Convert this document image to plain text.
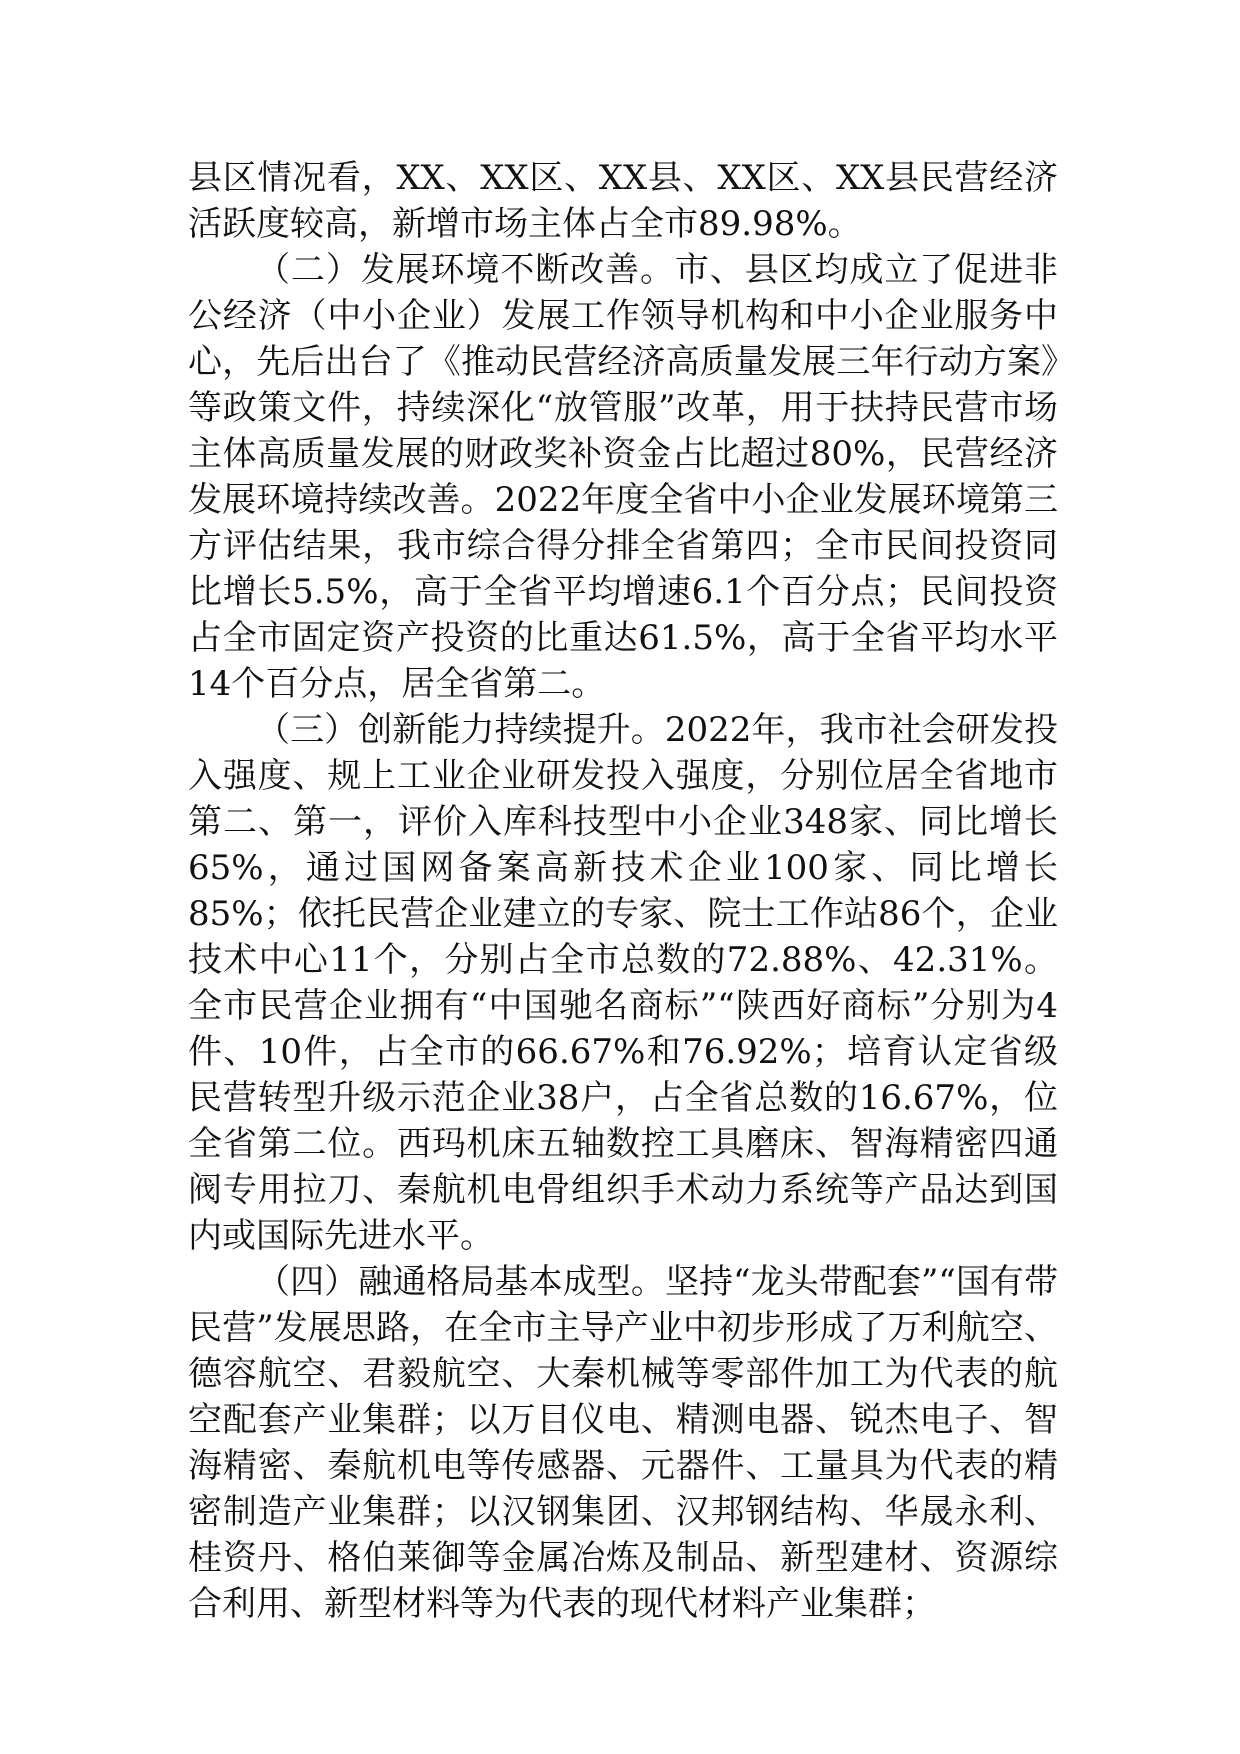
县区情况看，XX、XX区、XX县、XX区、XX县民营经济活跃度较高，新增市场主体占全市89.98%。

（二）发展环境不断改善。市、县区均成立了促进非公经济（中小企业）发展工作领导机构和中小企业服务中心，先后出台了《推动民营经济高质量发展三年行动方案》等政策文件，持续深化“放管服”改革，用于扶持民营市场主体高质量发展的财政奖补资金占比超过80%，民营经济发展环境持续改善。2022年度全省中小企业发展环境第三方评估结果，我市综合得分排全省第四；全市民间投资同比增长5.5%，高于全省平均增速6.1个百分点；民间投资占全市固定资产投资的比重达61.5%，高于全省平均水平14个百分点，居全省第二。

（三）创新能力持续提升。2022年，我市社会研发投入强度、规上工业企业研发投入强度，分别位居全省地市第二、第一，评价入库科技型中小企业348家、同比增长65%，通过国网备案高新技术企业100家、同比增长85%；依托民营企业建立的专家、院士工作站86个，企业技术中心11个，分别占全市总数的72.88%、42.31%。全市民营企业拥有“中国驰名商标”“陕西好商标”分别为4件、10件，占全市的66.67%和76.92%；培育认定省级民营转型升级示范企业38户，占全省总数的16.67%，位全省第二位。西玛机床五轴数控工具磨床、智海精密四通阀专用拉刀、秦航机电骨组织手术动力系统等产品达到国内或国际先进水平。

（四）融通格局基本成型。坚持“龙头带配套”“国有带民营”发展思路，在全市主导产业中初步形成了万利航空、德容航空、君毅航空、大秦机械等零部件加工为代表的航空配套产业集群；以万目仪电、精测电器、锐杰电子、智海精密、秦航机电等传感器、元器件、工量具为代表的精密制造产业集群；以汉钢集团、汉邦钢结构、华晟永利、桂资丹、格伯莱御等金属冶炼及制品、新型建材、资源综合利用、新型材料等为代表的现代材料产业集群；
